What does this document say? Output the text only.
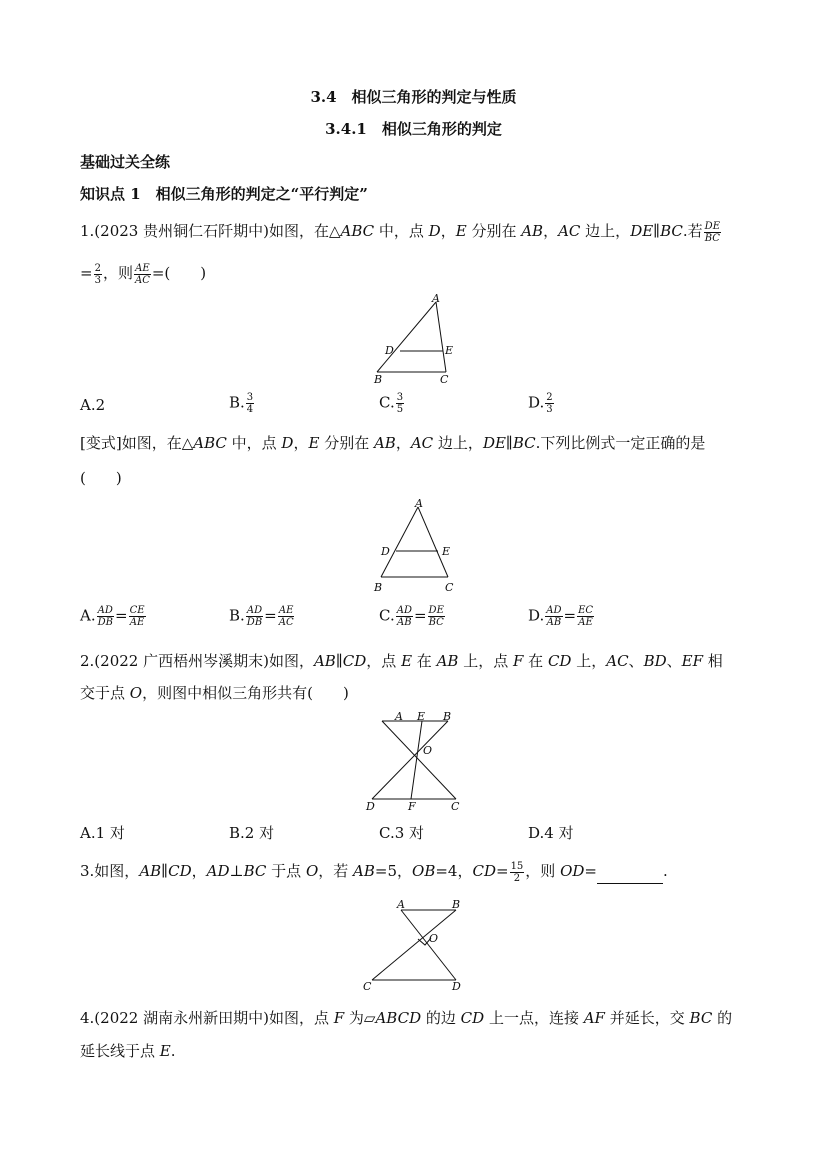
3.4　相似三角形的判定与性质
3.4.1　相似三角形的判定
基础过关全练
知识点 1　相似三角形的判定之“平行判定”
1.(2023 贵州铜仁石阡期中)如图，在△ABC 中，点 D，E 分别在 AB，AC 边上，DE∥BC.若 $\frac{DE}{BC}$
= $\frac{2}{3}$ ，则 $\frac{AE}{AC}$ =(　　)
A
D	E
B	C
A.2	B. $\frac{3}{4}$	C. $\frac{3}{5}$	D. $\frac{2}{3}$
[变式]如图，在△ABC 中，点 D，E 分别在 AB，AC 边上，DE∥BC.下列比例式一定正确的是
(　　)
A
D	E
B	C
A. $\frac{AD}{DB} = \frac{CE}{AE}$	B. $\frac{AD}{DB} = \frac{AE}{AC}$	C. $\frac{AD}{AB} = \frac{DE}{BC}$	D. $\frac{AD}{AB} = \frac{EC}{AE}$
2.(2022 广西梧州岑溪期末)如图，AB∥CD，点 E 在 AB 上，点 F 在 CD 上，AC、BD、EF 相
交于点 O，则图中相似三角形共有(　　)
A E B
O
D	F	C
A.1 对	B.2 对	C.3 对	D.4 对
3.如图，AB∥CD，AD⊥BC 于点 O，若 AB=5，OB=4，$CD= \frac{15}{2}$ ，则 OD=	.
A	B
O
C	D
4.(2022 湖南永州新田期中)如图，点 F 为▱ABCD 的边 CD 上一点，连接 AF 并延长，交 BC 的
延长线于点 E.
